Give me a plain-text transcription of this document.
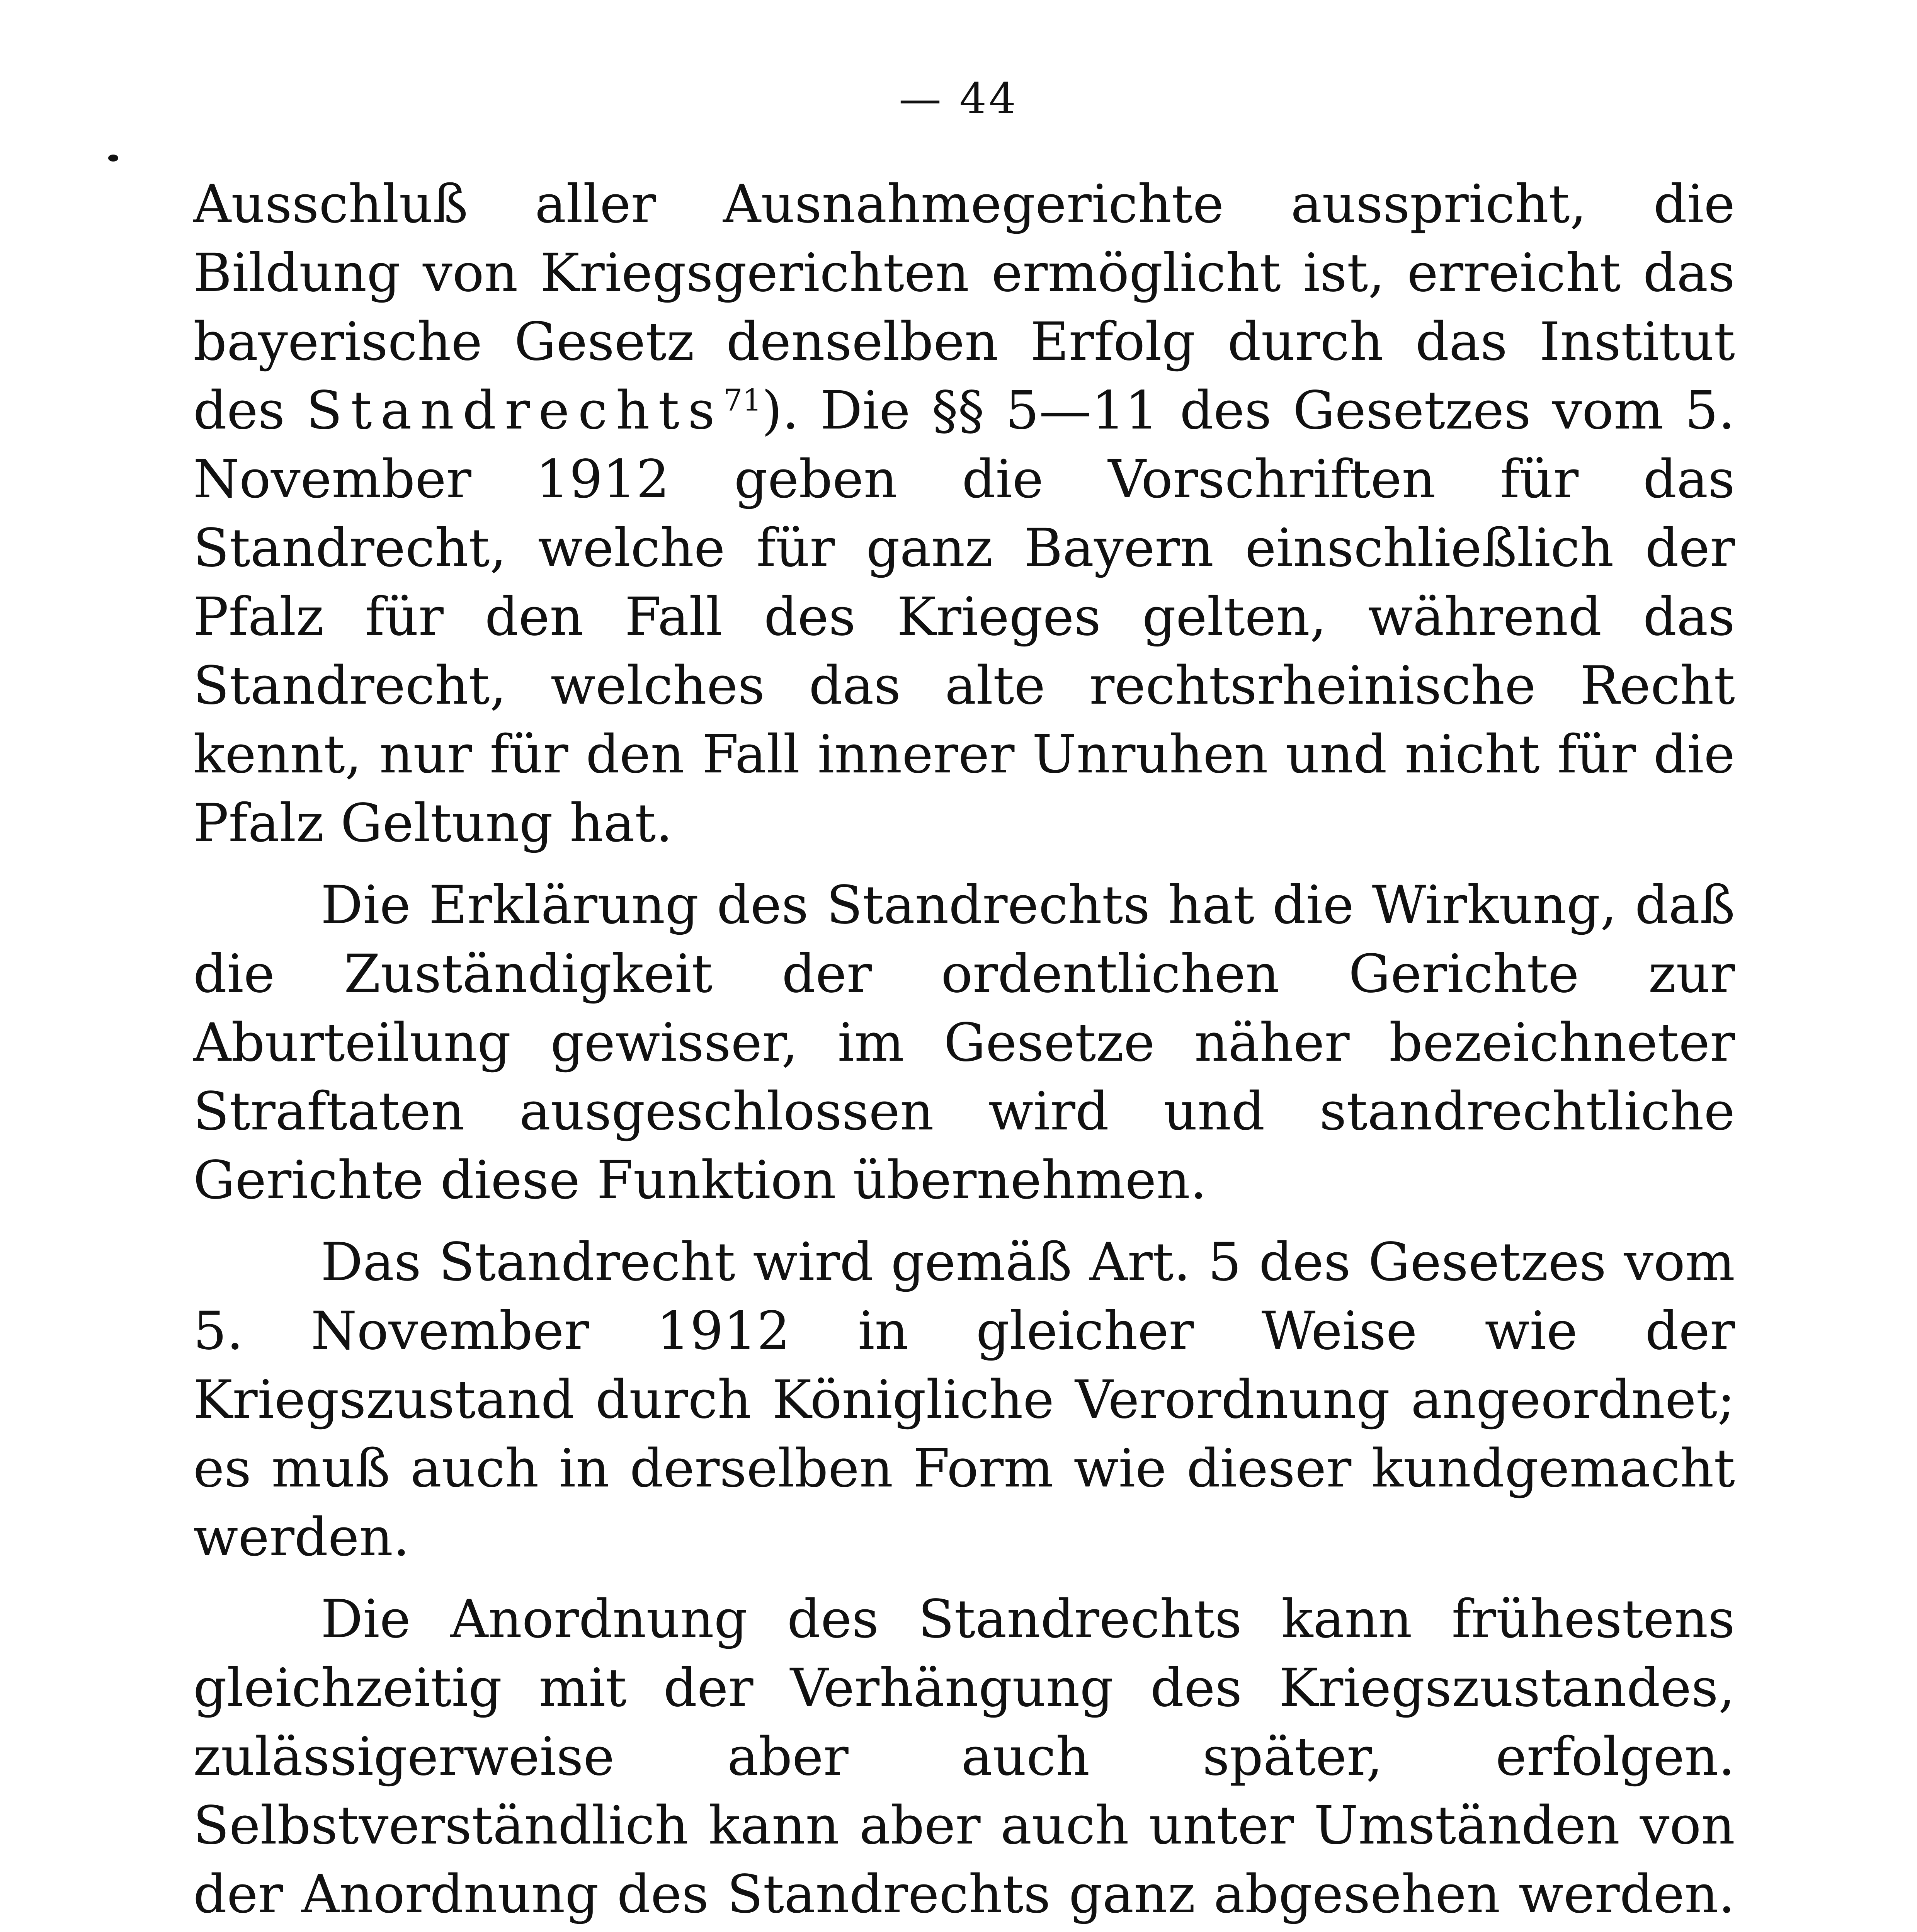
— 44

Ausschluß aller Ausnahmegerichte ausspricht, die Bildung von Kriegsgerichten ermöglicht ist, erreicht das bayerische Gesetz denselben Erfolg durch das Institut des Standrechts$^{71}$). Die §§ 5—11 des Gesetzes vom 5. November 1912 geben die Vorschriften für das Standrecht, welche für ganz Bayern einschließlich der Pfalz für den Fall des Krieges gelten, während das Standrecht, welches das alte rechtsrheinische Recht kennt, nur für den Fall innerer Unruhen und nicht für die Pfalz Geltung hat.

Die Erklärung des Standrechts hat die Wirkung, daß die Zuständigkeit der ordentlichen Gerichte zur Aburteilung gewisser, im Gesetze näher bezeichneter Straftaten ausgeschlossen wird und standrechtliche Gerichte diese Funktion übernehmen.

Das Standrecht wird gemäß Art. 5 des Gesetzes vom 5. November 1912 in gleicher Weise wie der Kriegszustand durch Königliche Verordnung angeordnet; es muß auch in derselben Form wie dieser kundgemacht werden.

Die Anordnung des Standrechts kann frühestens gleichzeitig mit der Verhängung des Kriegszustandes, zulässigerweise aber auch später, erfolgen. Selbstverständlich kann aber auch unter Umständen von der Anordnung des Standrechts ganz abgesehen werden.
